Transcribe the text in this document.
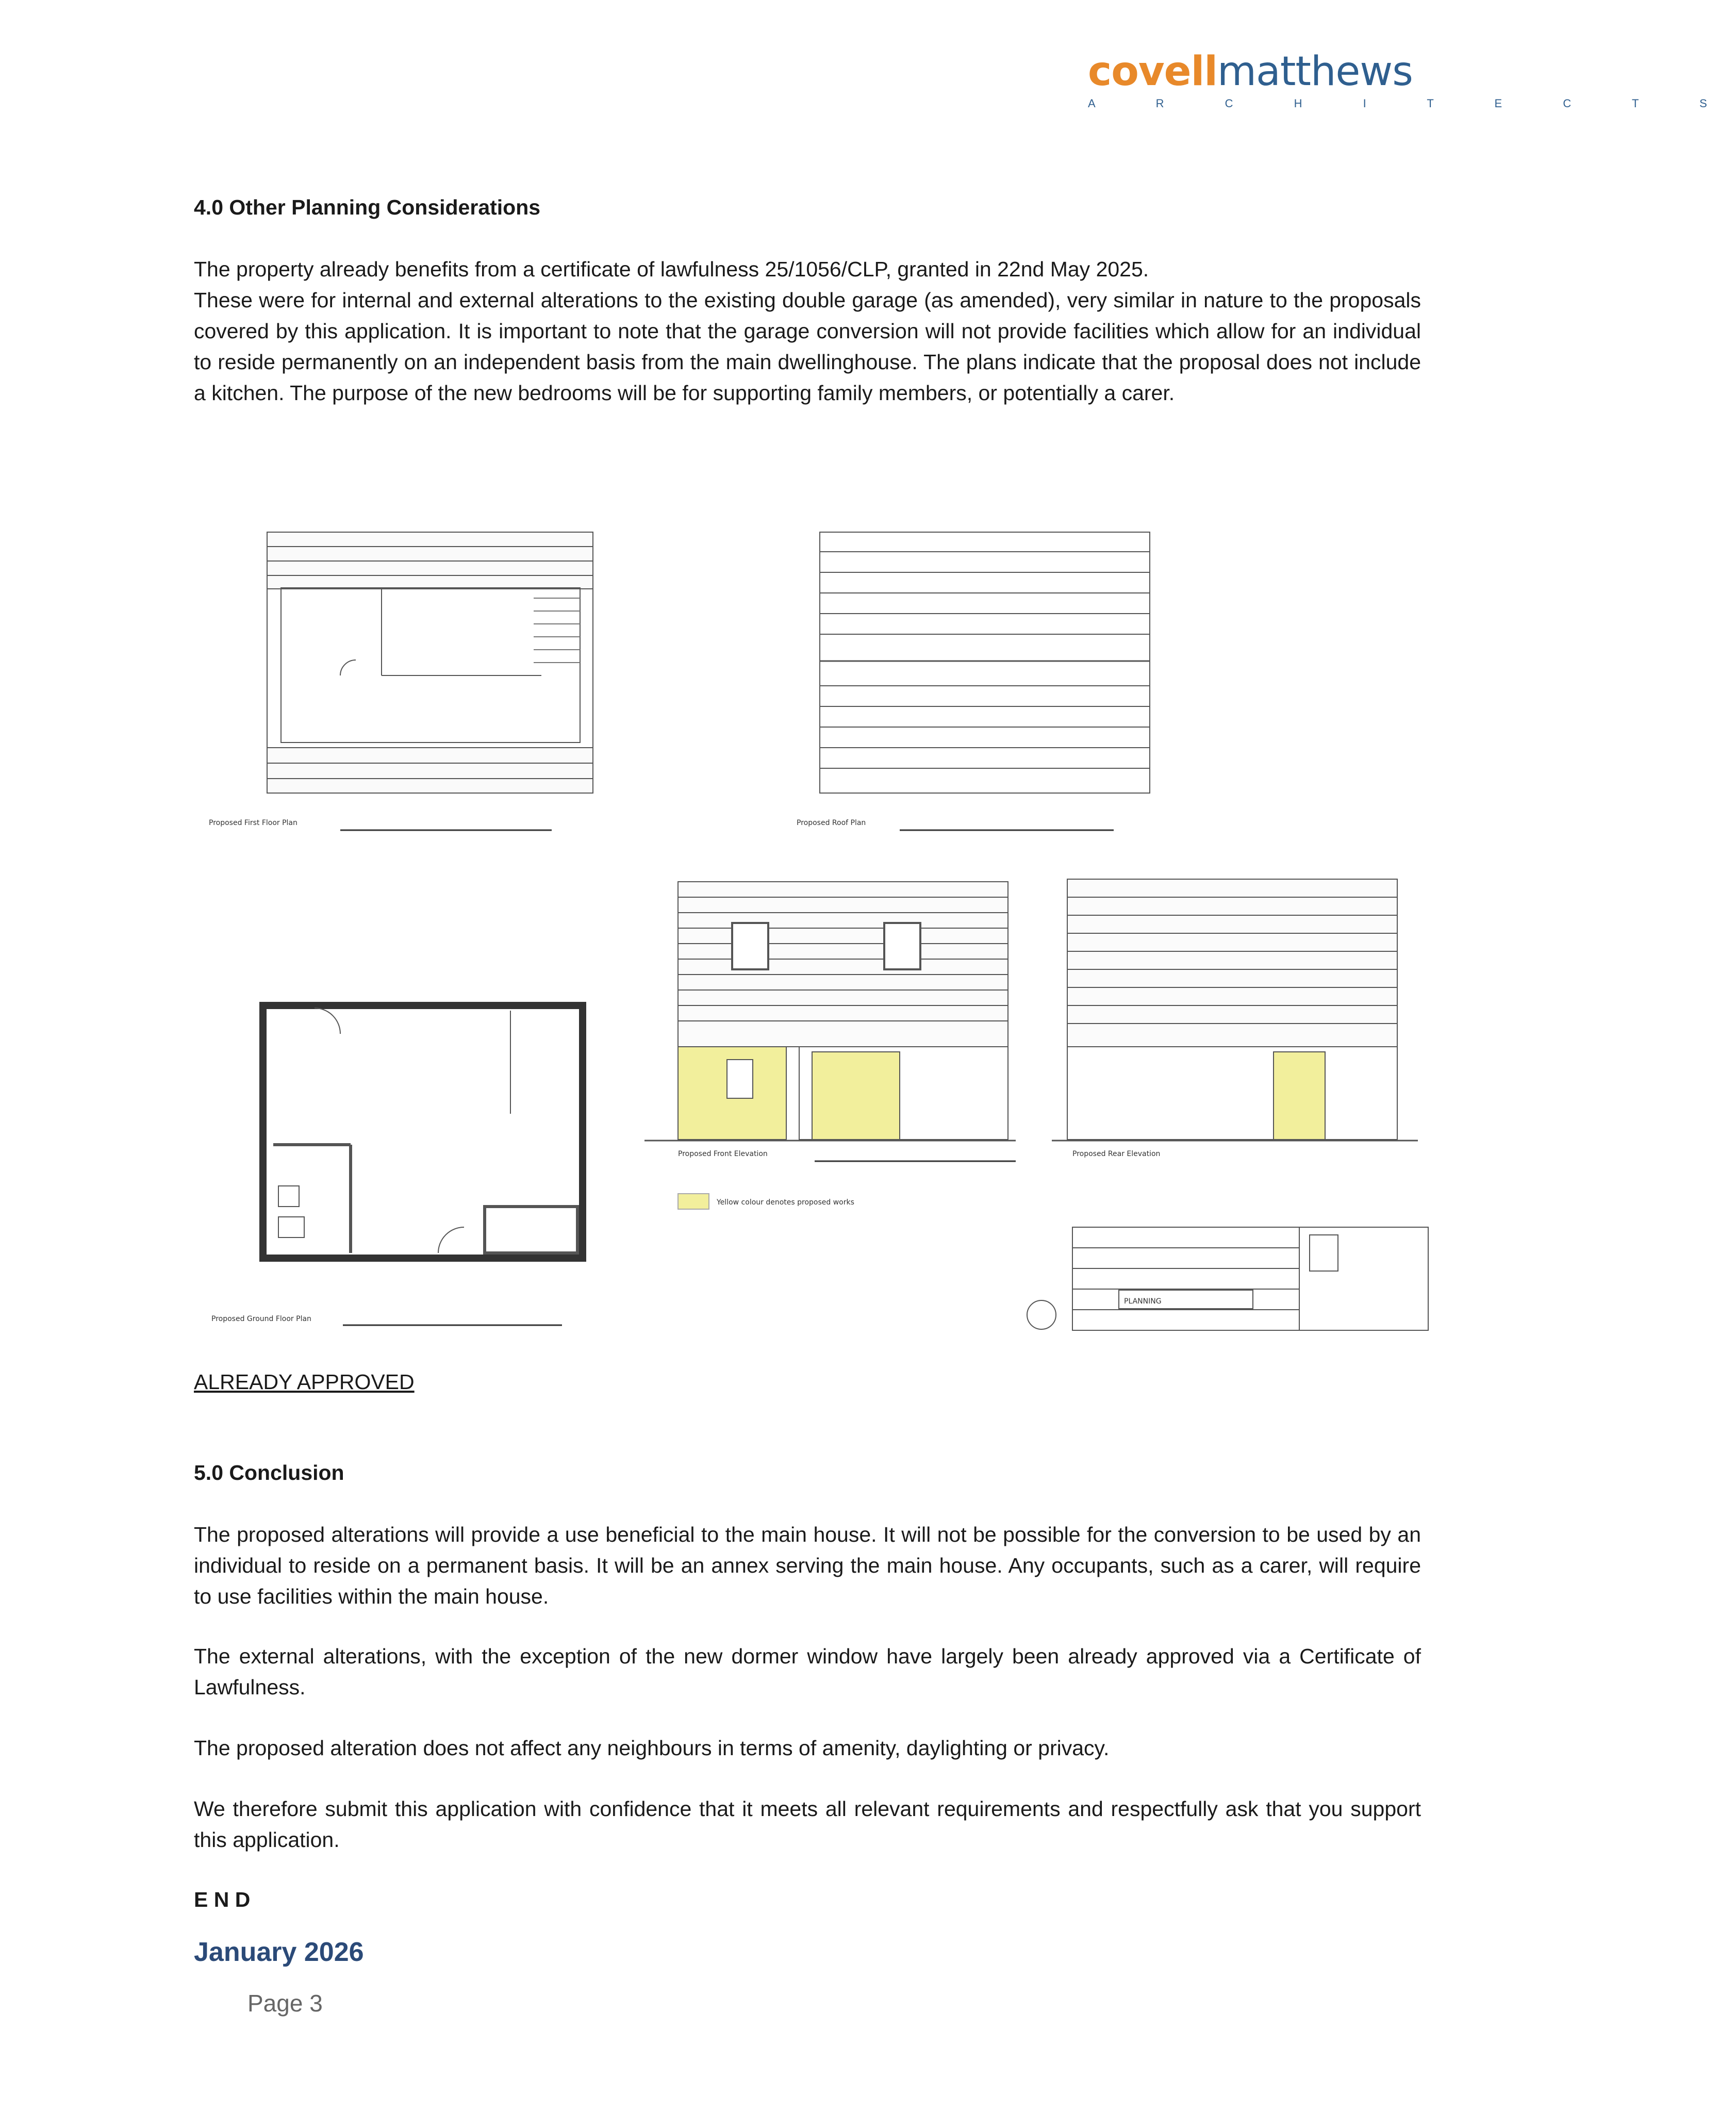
covellmatthews
A R C H I T E C T S
4.0 Other Planning Considerations

The property already benefits from a certificate of lawfulness 25/1056/CLP, granted in 22nd May 2025.

These were for internal and external alterations to the existing double garage (as amended), very similar in nature to the proposals covered by this application. It is important to note that the garage conversion will not provide facilities which allow for an individual to reside permanently on an independent basis from the main dwellinghouse. The plans indicate that the proposal does not include a kitchen. The purpose of the new bedrooms will be for supporting family members, or potentially a carer.

Proposed First Floor Plan	Proposed Roof Plan
Proposed Ground Floor Plan
Proposed Front Elevation	Proposed Rear Elevation
Yellow colour denotes proposed works
PLANNING
ALREADY APPROVED
5.0 Conclusion
The proposed alterations will provide a use beneficial to the main house. It will not be possible for the conversion to be used by an individual to reside on a permanent basis. It will be an annex serving the main house. Any occupants, such as a carer, will require to use facilities within the main house.
The external alterations, with the exception of the new dormer window have largely been already approved via a Certificate of Lawfulness.
The proposed alteration does not affect any neighbours in terms of amenity, daylighting or privacy.
We therefore submit this application with confidence that it meets all relevant requirements and respectfully ask that you support this application.
E N D
January 2026
Page 3
